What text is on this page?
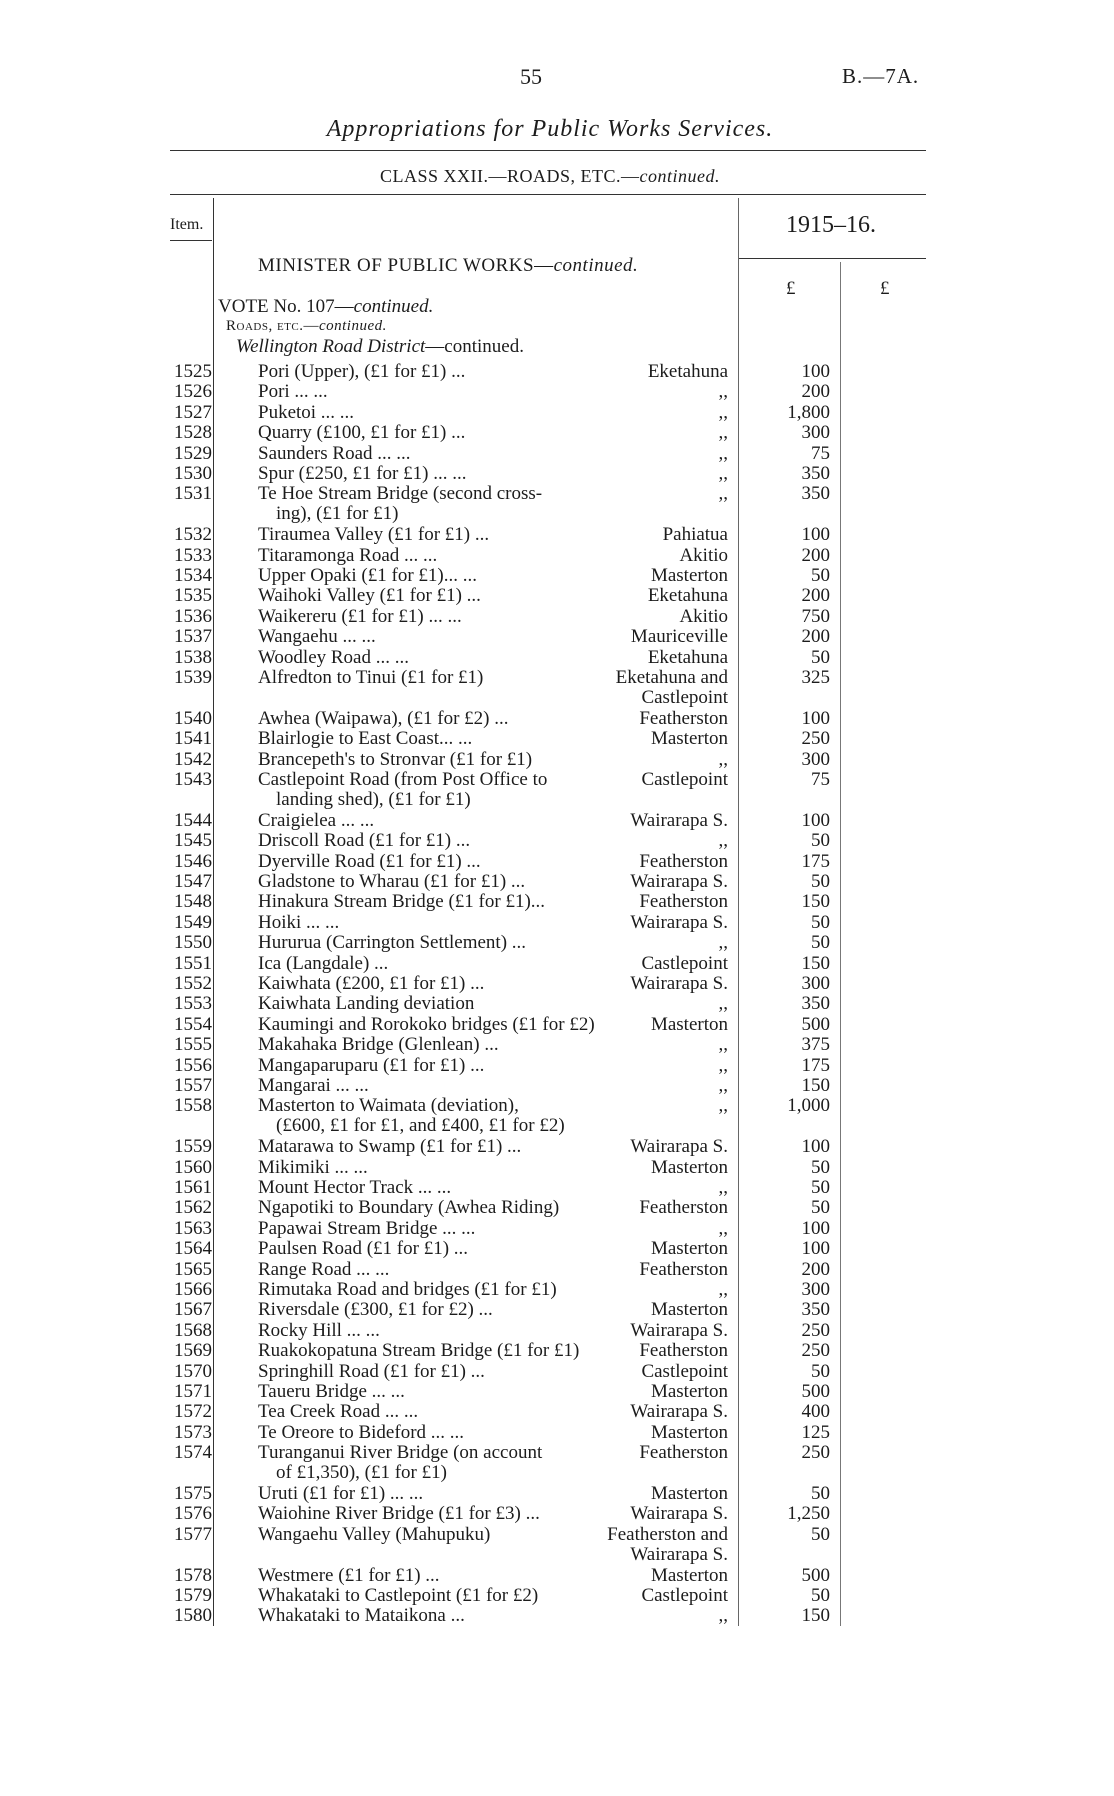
55	B.—7A.
Appropriations for Public Works Services.
CLASS XXII.—ROADS, ETC.—continued.
Item.	1915–16.
£	£
MINISTER OF PUBLIC WORKS—continued.
VOTE No. 107—continued.
Roads, etc.—continued.
Wellington Road District—continued.
1525 Pori (Upper), (£1 for £1) ...	Eketahuna	100
1526 Pori ... ...	,,	200
1527 Puketoi ... ...	,,	1,800
1528 Quarry (£100, £1 for £1) ...	,,	300
1529 Saunders Road ... ...	,,	75
1530 Spur (£250, £1 for £1) ... ...	,,	350
1531 Te Hoe Stream Bridge (second cross-	,,	350
ing), (£1 for £1)
1532 Tiraumea Valley (£1 for £1) ...	Pahiatua	100
1533 Titaramonga Road ... ...	Akitio	200
1534 Upper Opaki (£1 for £1)... ...	Masterton	50
1535 Waihoki Valley (£1 for £1) ...	Eketahuna	200
1536 Waikereru (£1 for £1) ... ...	Akitio	750
1537 Wangaehu ... ...	Mauriceville	200
1538 Woodley Road ... ...	Eketahuna	50
1539 Alfredton to Tinui (£1 for £1)	Eketahuna and	325
Castlepoint
1540 Awhea (Waipawa), (£1 for £2) ...	Featherston	100
1541 Blairlogie to East Coast... ...	Masterton	250
1542 Brancepeth's to Stronvar (£1 for £1)	,,	300
1543 Castlepoint Road (from Post Office to	Castlepoint	75
landing shed), (£1 for £1)
1544 Craigielea ... ...	Wairarapa S.	100
1545 Driscoll Road (£1 for £1) ...	,,	50
1546 Dyerville Road (£1 for £1) ...	Featherston	175
1547 Gladstone to Wharau (£1 for £1) ...	Wairarapa S.	50
1548 Hinakura Stream Bridge (£1 for £1)...	Featherston	150
1549 Hoiki ... ...	Wairarapa S.	50
1550 Hururua (Carrington Settlement) ...	,,	50
1551 Ica (Langdale) ...	Castlepoint	150
1552 Kaiwhata (£200, £1 for £1) ...	Wairarapa S.	300
1553 Kaiwhata Landing deviation	,,	350
1554 Kaumingi and Rorokoko bridges (£1 for £2)	Masterton	500
1555 Makahaka Bridge (Glenlean) ...	,,	375
1556 Mangaparuparu (£1 for £1) ...	,,	175
1557 Mangarai ... ...	,,	150
1558 Masterton to Waimata (deviation),	,,	1,000
(£600, £1 for £1, and £400, £1 for £2)
1559 Matarawa to Swamp (£1 for £1) ...	Wairarapa S.	100
1560 Mikimiki ... ...	Masterton	50
1561 Mount Hector Track ... ...	,,	50
1562 Ngapotiki to Boundary (Awhea Riding)	Featherston	50
1563 Papawai Stream Bridge ... ...	,,	100
1564 Paulsen Road (£1 for £1) ...	Masterton	100
1565 Range Road ... ...	Featherston	200
1566 Rimutaka Road and bridges (£1 for £1)	,,	300
1567 Riversdale (£300, £1 for £2) ...	Masterton	350
1568 Rocky Hill ... ...	Wairarapa S.	250
1569 Ruakokopatuna Stream Bridge (£1 for £1)	Featherston	250
1570 Springhill Road (£1 for £1) ...	Castlepoint	50
1571 Taueru Bridge ... ...	Masterton	500
1572 Tea Creek Road ... ...	Wairarapa S.	400
1573 Te Oreore to Bideford ... ...	Masterton	125
1574 Turanganui River Bridge (on account	Featherston	250
of £1,350), (£1 for £1)
1575 Uruti (£1 for £1) ... ...	Masterton	50
1576 Waiohine River Bridge (£1 for £3) ...	Wairarapa S.	1,250
1577 Wangaehu Valley (Mahupuku)	Featherston and	50
Wairarapa S.
1578 Westmere (£1 for £1) ...	Masterton	500
1579 Whakataki to Castlepoint (£1 for £2)	Castlepoint	50
1580 Whakataki to Mataikona ...	,,	150
